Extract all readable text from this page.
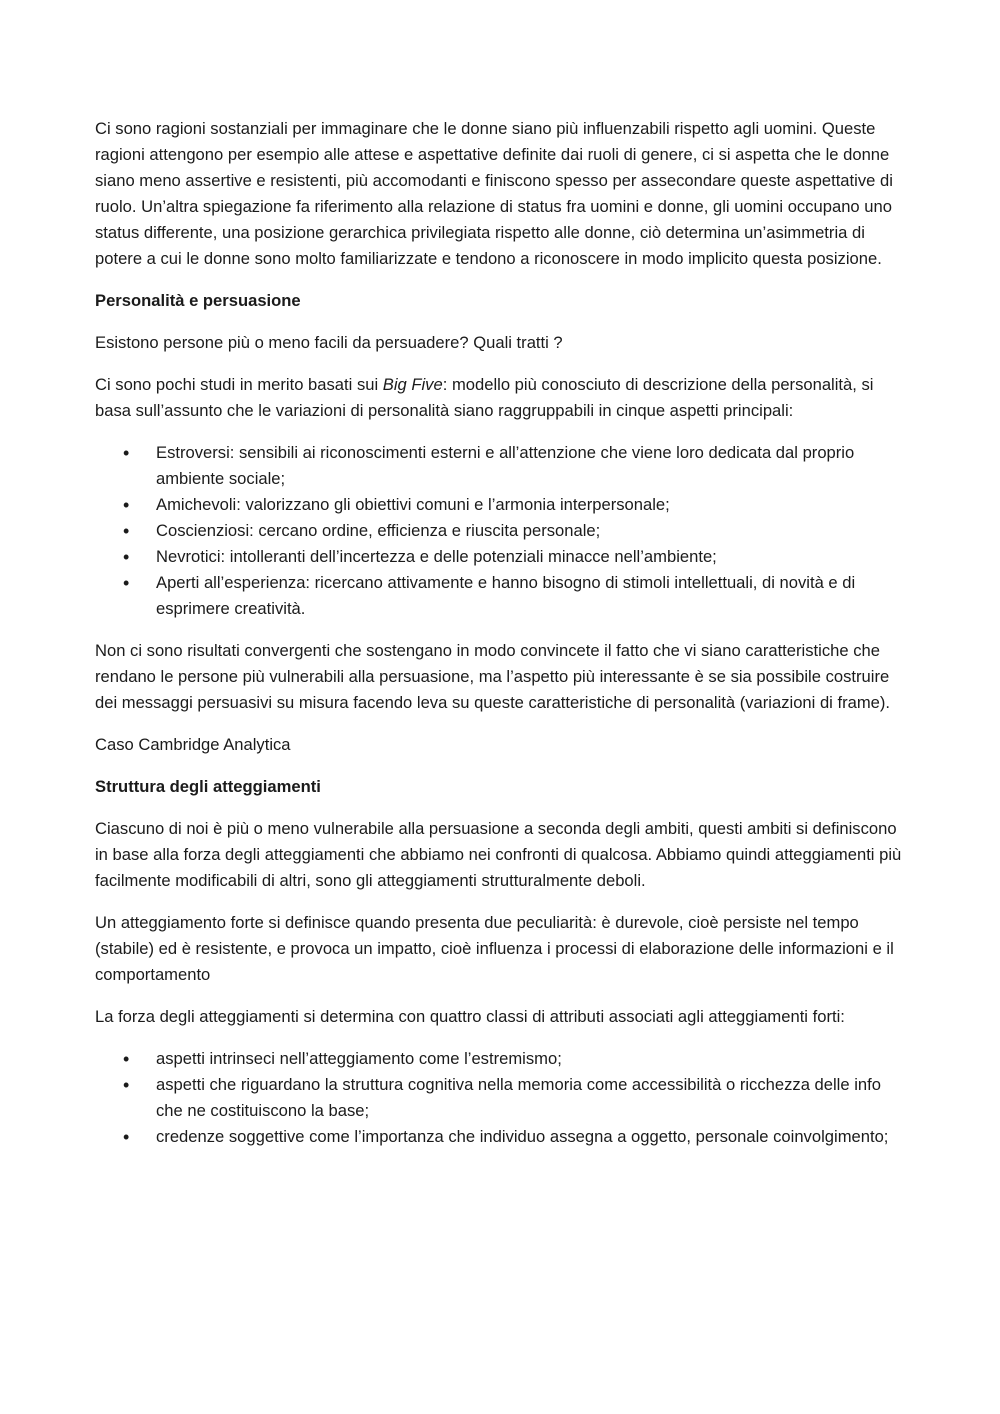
Ci sono ragioni sostanziali per immaginare che le donne siano più influenzabili rispetto agli uomini. Queste ragioni attengono per esempio alle attese e aspettative definite dai ruoli di genere, ci si aspetta che le donne siano meno assertive e resistenti, più accomodanti e finiscono spesso per assecondare queste aspettative di ruolo. Un’altra spiegazione fa riferimento alla relazione di status fra uomini e donne, gli uomini occupano uno status differente, una posizione gerarchica privilegiata rispetto alle donne, ciò determina un’asimmetria di potere a cui le donne sono molto familiarizzate e tendono a riconoscere in modo implicito questa posizione.

Personalità e persuasione

Esistono persone più o meno facili da persuadere? Quali tratti ?

Ci sono pochi studi in merito basati sui Big Five: modello più conosciuto di descrizione della personalità, si basa sull’assunto che le variazioni di personalità siano raggruppabili in cinque aspetti principali:

• Estroversi: sensibili ai riconoscimenti esterni e all’attenzione che viene loro dedicata dal proprio ambiente sociale;
• Amichevoli: valorizzano gli obiettivi comuni e l’armonia interpersonale;
• Coscienziosi: cercano ordine, efficienza e riuscita personale;
• Nevrotici: intolleranti dell’incertezza e delle potenziali minacce nell’ambiente;
• Aperti all’esperienza: ricercano attivamente e hanno bisogno di stimoli intellettuali, di novità e di esprimere creatività.

Non ci sono risultati convergenti che sostengano in modo convincete il fatto che vi siano caratteristiche che rendano le persone più vulnerabili alla persuasione, ma l’aspetto più interessante è se sia possibile costruire dei messaggi persuasivi su misura facendo leva su queste caratteristiche di personalità (variazioni di frame).

Caso Cambridge Analytica

Struttura degli atteggiamenti

Ciascuno di noi è più o meno vulnerabile alla persuasione a seconda degli ambiti, questi ambiti si definiscono in base alla forza degli atteggiamenti che abbiamo nei confronti di qualcosa. Abbiamo quindi atteggiamenti più facilmente modificabili di altri, sono gli atteggiamenti strutturalmente deboli.

Un atteggiamento forte si definisce quando presenta due peculiarità: è durevole, cioè persiste nel tempo (stabile) ed è resistente, e provoca un impatto, cioè influenza i processi di elaborazione delle informazioni e il comportamento

La forza degli atteggiamenti si determina con quattro classi di attributi associati agli atteggiamenti forti:

• aspetti intrinseci nell’atteggiamento come l’estremismo;
• aspetti che riguardano la struttura cognitiva nella memoria come accessibilità o ricchezza delle info che ne costituiscono la base;
• credenze soggettive come l’importanza che individuo assegna a oggetto, personale coinvolgimento;
